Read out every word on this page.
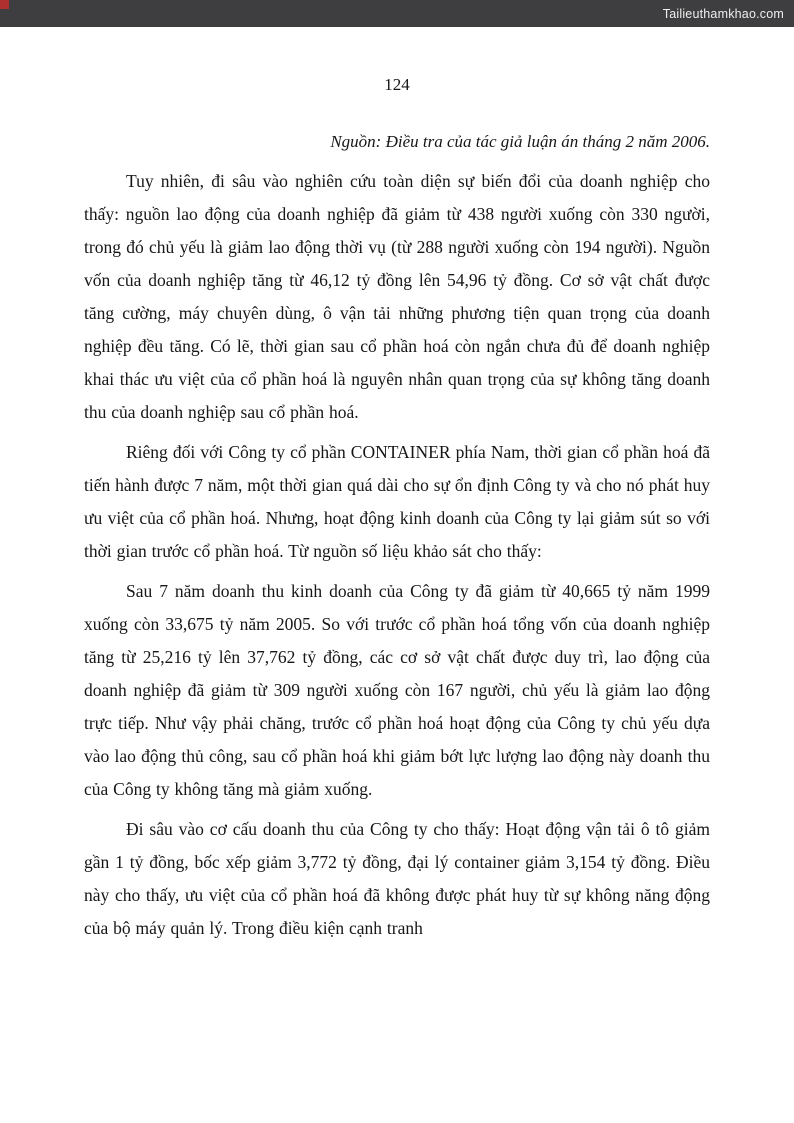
Tailieuthamkhao.com
124
Nguồn: Điều tra của tác giả luận án tháng 2 năm 2006.

Tuy nhiên, đi sâu vào nghiên cứu toàn diện sự biến đổi của doanh nghiệp cho thấy: nguồn lao động của doanh nghiệp đã giảm từ 438 người xuống còn 330 người, trong đó chủ yếu là giảm lao động thời vụ (từ 288 người xuống còn 194 người). Nguồn vốn của doanh nghiệp tăng từ 46,12 tỷ đồng lên 54,96 tỷ đồng. Cơ sở vật chất được tăng cường, máy chuyên dùng, ô vận tải những phương tiện quan trọng của doanh nghiệp đều tăng. Có lẽ, thời gian sau cổ phần hoá còn ngắn chưa đủ để doanh nghiệp khai thác ưu việt của cổ phần hoá là nguyên nhân quan trọng của sự không tăng doanh thu của doanh nghiệp sau cổ phần hoá.

Riêng đối với Công ty cổ phần CONTAINER phía Nam, thời gian cổ phần hoá đã tiến hành được 7 năm, một thời gian quá dài cho sự ổn định Công ty và cho nó phát huy ưu việt của cổ phần hoá. Nhưng, hoạt động kinh doanh của Công ty lại giảm sút so với thời gian trước cổ phần hoá. Từ nguồn số liệu khảo sát cho thấy:

Sau 7 năm doanh thu kinh doanh của Công ty đã giảm từ 40,665 tỷ năm 1999 xuống còn 33,675 tỷ năm 2005. So với trước cổ phần hoá tổng vốn của doanh nghiệp tăng từ 25,216 tỷ lên 37,762 tỷ đồng, các cơ sở vật chất được duy trì, lao động của doanh nghiệp đã giảm từ 309 người xuống còn 167 người, chủ yếu là giảm lao động trực tiếp. Như vậy phải chăng, trước cổ phần hoá hoạt động của Công ty chủ yếu dựa vào lao động thủ công, sau cổ phần hoá khi giảm bớt lực lượng lao động này doanh thu của Công ty không tăng mà giảm xuống.

Đi sâu vào cơ cấu doanh thu của Công ty cho thấy: Hoạt động vận tải ô tô giảm gần 1 tỷ đồng, bốc xếp giảm 3,772 tỷ đồng, đại lý container giảm 3,154 tỷ đồng. Điều này cho thấy, ưu việt của cổ phần hoá đã không được phát huy từ sự không năng động của bộ máy quản lý. Trong điều kiện cạnh tranh
